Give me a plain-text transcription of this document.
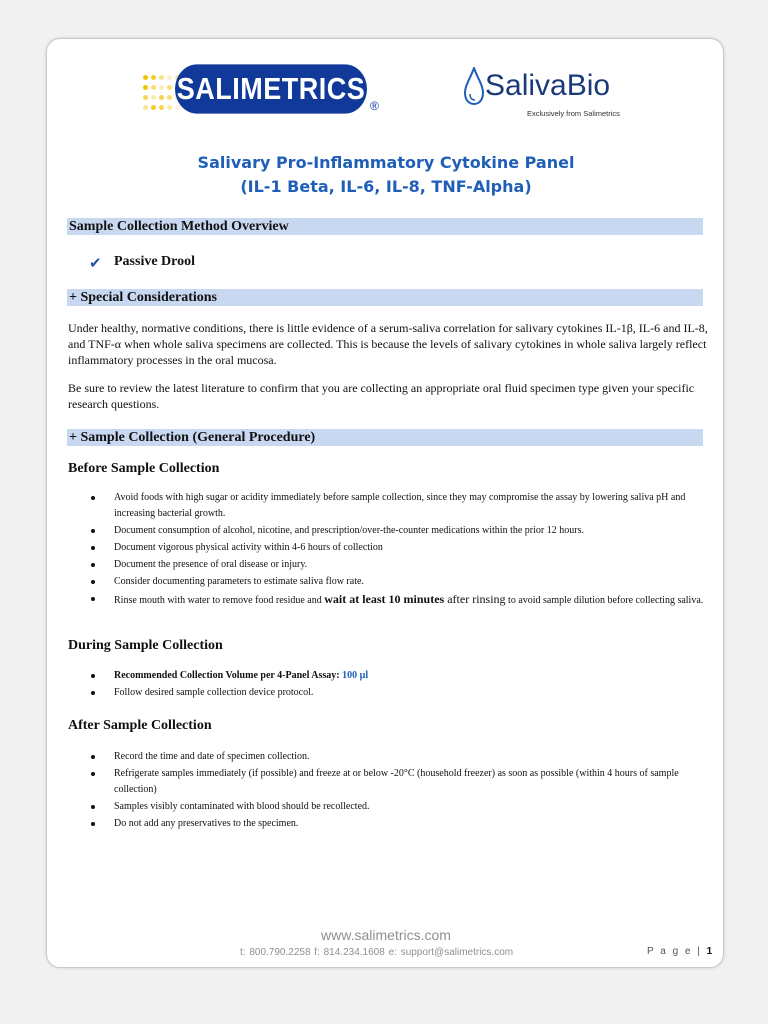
SALIMETRICS
®
SalivaBio
Exclusively from Salimetrics
Salivary Pro-Inflammatory Cytokine Panel
(IL-1 Beta, IL-6, IL-8, TNF-Alpha)
Sample Collection Method Overview
✔ Passive Drool
+ Special Considerations
Under healthy, normative conditions, there is little evidence of a serum-saliva correlation for salivary cytokines IL-1β, IL-6 and IL-8, and TNF-α when whole saliva specimens are collected. This is because the levels of salivary cytokines in whole saliva largely reflect inflammatory processes in the oral mucosa.
Be sure to review the latest literature to confirm that you are collecting an appropriate oral fluid specimen type given your specific research questions.
+ Sample Collection (General Procedure)
Before Sample Collection
Avoid foods with high sugar or acidity immediately before sample collection, since they may compromise the assay by lowering saliva pH and increasing bacterial growth.
Document consumption of alcohol, nicotine, and prescription/over-the-counter medications within the prior 12 hours.
Document vigorous physical activity within 4-6 hours of collection
Document the presence of oral disease or injury.
Consider documenting parameters to estimate saliva flow rate.
Rinse mouth with water to remove food residue and wait at least 10 minutes after rinsing to avoid sample dilution before collecting saliva.
During Sample Collection
Recommended Collection Volume per 4-Panel Assay: 100 µl
Follow desired sample collection device protocol.
After Sample Collection
Record the time and date of specimen collection.
Refrigerate samples immediately (if possible) and freeze at or below -20°C (household freezer) as soon as possible (within 4 hours of sample collection)
Samples visibly contaminated with blood should be recollected.
Do not add any preservatives to the specimen.
www.salimetrics.com
t: 800.790.2258 f: 814.234.1608 e: support@salimetrics.com	P a g e | 1
